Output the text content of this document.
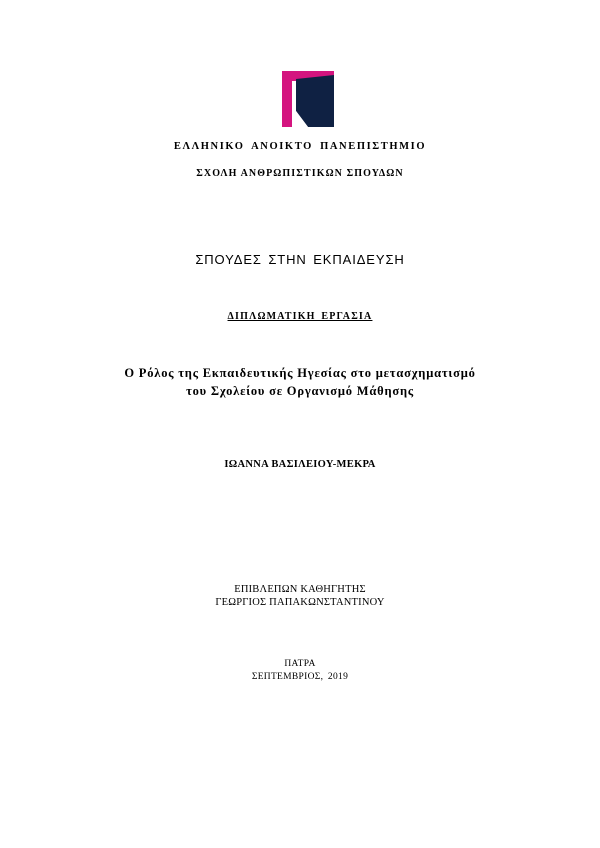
ΕΛΛΗΝΙΚΟ ΑΝΟΙΚΤΟ ΠΑΝΕΠΙΣΤΗΜΙΟ
ΣΧΟΛΗ ΑΝΘΡΩΠΙΣΤΙΚΩΝ ΣΠΟΥΔΩΝ
ΣΠΟΥΔΕΣ ΣΤΗΝ ΕΚΠΑΙΔΕΥΣΗ
ΔΙΠΛΩΜΑΤΙΚΗ ΕΡΓΑΣΙΑ
Ο Ρόλος της Εκπαιδευτικής Ηγεσίας στο μετασχηματισμό
του Σχολείου σε Οργανισμό Μάθησης
ΙΩΑΝΝΑ ΒΑΣΙΛΕΙΟΥ-ΜΕΚΡΑ
ΕΠΙΒΛΕΠΩΝ ΚΑΘΗΓΗΤΗΣ
ΓΕΩΡΓΙΟΣ ΠΑΠΑΚΩΝΣΤΑΝΤΙΝΟΥ
ΠΑΤΡΑ
ΣΕΠΤΕΜΒΡΙΟΣ, 2019
